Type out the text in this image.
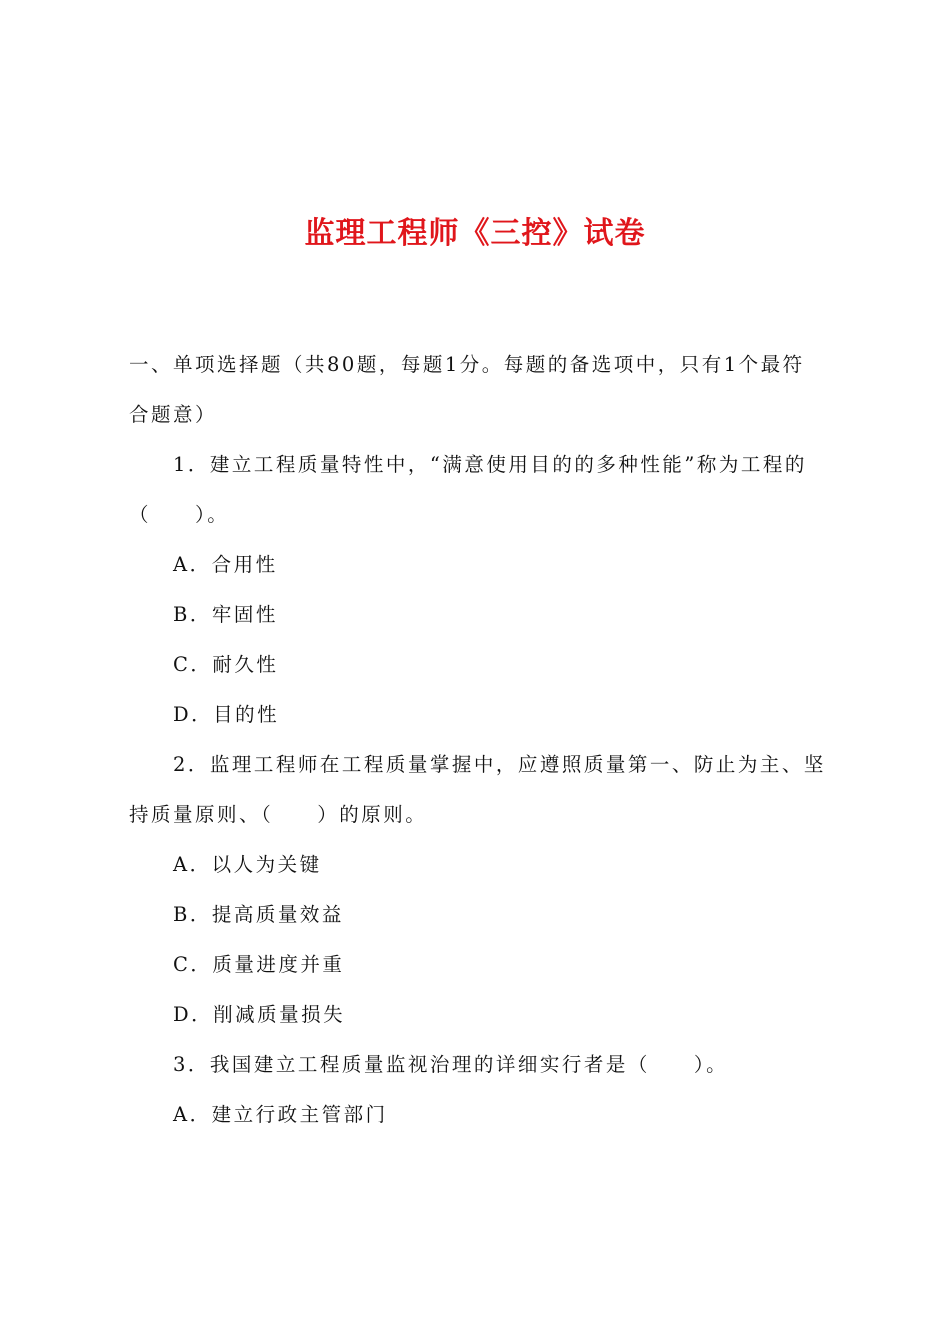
监理工程师《三控》试卷

一、单项选择题（共80题，每题1分。每题的备选项中，只有1个最符

合题意）

1．建立工程质量特性中，“满意使用目的的多种性能”称为工程的

（　　）。

A．合用性

B．牢固性

C．耐久性

D．目的性

2．监理工程师在工程质量掌握中，应遵照质量第一、防止为主、坚

持质量原则、（　　）的原则。

A．以人为关键

B．提高质量效益

C．质量进度并重

D．削减质量损失

3．我国建立工程质量监视治理的详细实行者是（　　）。

A．建立行政主管部门
